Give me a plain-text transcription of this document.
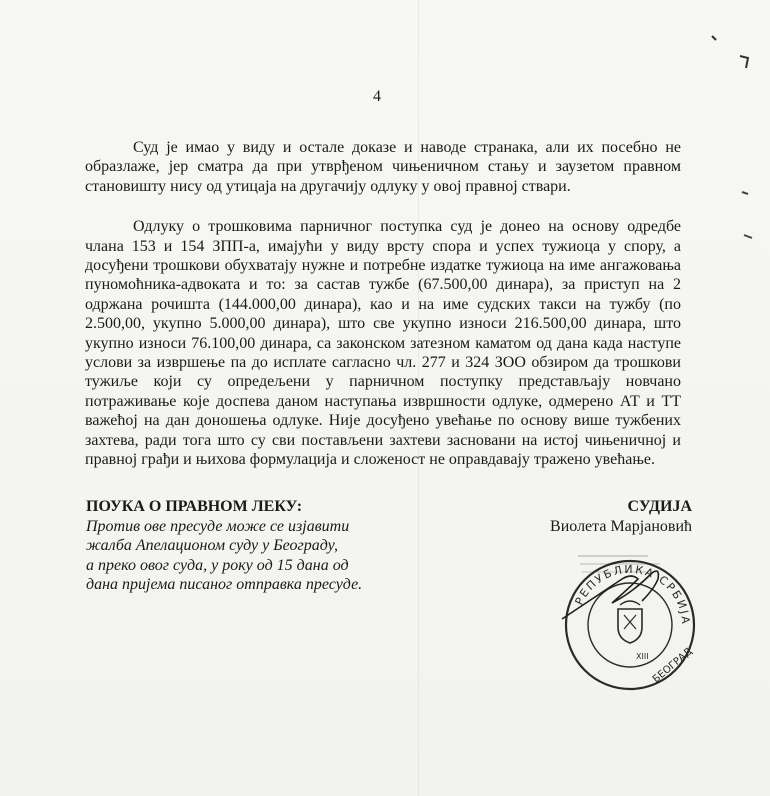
4

Суд је имао у виду и остале доказе и наводе странака, али их посебно не образлаже, јер сматра да при утврђеном чињеничном стању и заузетом правном становишту нису од утицаја на другачију одлуку у овој правној ствари.

Одлуку о трошковима парничног поступка суд је донео на основу одредбе члана 153 и 154 ЗПП-а, имајући у виду врсту спора и успех тужиоца у спору, а досуђени трошкови обухватају нужне и потребне издатке тужиоца на име ангажовања пуномоћника-адвоката и то: за састав тужбе (67.500,00 динара), за приступ на 2 одржана рочишта (144.000,00 динара), као и на име судских такси на тужбу (по 2.500,00, укупно 5.000,00 динара), што све укупно износи 216.500,00 динара, што укупно износи 76.100,00 динара, са законском затезном каматом од дана када наступе услови за извршење па до исплате сагласно чл. 277 и 324 ЗОО обзиром да трошкови тужиље који су опредељени у парничном поступку представљају новчано потраживање које доспева даном наступања извршности одлуке, одмерено АТ и ТТ важећој на дан доношења одлуке. Није досуђено увећање по основу више тужбених захтева, ради тога што су сви постављени захтеви засновани на истој чињеничној и правној грађи и њихова формулација и сложеност не оправдавају тражено увећање.

ПОУКА О ПРАВНОМ ЛЕКУ:
Против ове пресуде може се изјавити
жалба Апелационом суду у Београду,
а преко овог суда, у року од 15 дана од
дана пријема писаног отправка пресуде.
СУДИЈА
Виолета Марјановић
РЕПУБЛИКА СРБИЈА
БЕОГРАД
XIII
